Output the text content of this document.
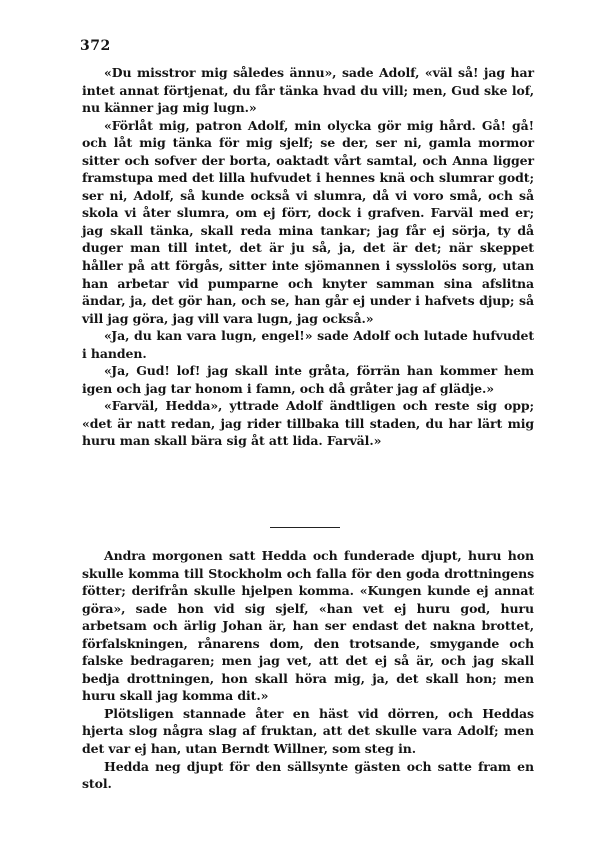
372

«Du misstror mig således ännu», sade Adolf, «väl så! jag har intet annat förtjenat, du får tänka hvad du vill; men, Gud ske lof, nu känner jag mig lugn.»

«Förlåt mig, patron Adolf, min olycka gör mig hård. Gå! gå! och låt mig tänka för mig sjelf; se der, ser ni, gamla mormor sitter och sofver der borta, oaktadt vårt samtal, och Anna ligger framstupa med det lilla hufvudet i hennes knä och slumrar godt; ser ni, Adolf, så kunde också vi slumra, då vi voro små, och så skola vi åter slumra, om ej förr, dock i grafven. Farväl med er; jag skall tänka, skall reda mina tankar; jag får ej sörja, ty då duger man till intet, det är ju så, ja, det är det; när skeppet håller på att förgås, sitter inte sjömannen i sysslolös sorg, utan han arbetar vid pumparne och knyter samman sina afslitna ändar, ja, det gör han, och se, han går ej under i hafvets djup; så vill jag göra, jag vill vara lugn, jag också.»

«Ja, du kan vara lugn, engel!» sade Adolf och lutade hufvudet i handen.

«Ja, Gud! lof! jag skall inte gråta, förrän han kommer hem igen och jag tar honom i famn, och då gråter jag af glädje.»

«Farväl, Hedda», yttrade Adolf ändtligen och reste sig opp; «det är natt redan, jag rider tillbaka till staden, du har lärt mig huru man skall bära sig åt att lida. Farväl.»

Andra morgonen satt Hedda och funderade djupt, huru hon skulle komma till Stockholm och falla för den goda drottningens fötter; derifrån skulle hjelpen komma. «Kungen kunde ej annat göra», sade hon vid sig sjelf, «han vet ej huru god, huru arbetsam och ärlig Johan är, han ser endast det nakna brottet, förfalskningen, rånarens dom, den trotsande, smygande och falske bedragaren; men jag vet, att det ej så är, och jag skall bedja drottningen, hon skall höra mig, ja, det skall hon; men huru skall jag komma dit.»

Plötsligen stannade åter en häst vid dörren, och Heddas hjerta slog några slag af fruktan, att det skulle vara Adolf; men det var ej han, utan Berndt Willner, som steg in.

Hedda neg djupt för den sällsynte gästen och satte fram en stol.
